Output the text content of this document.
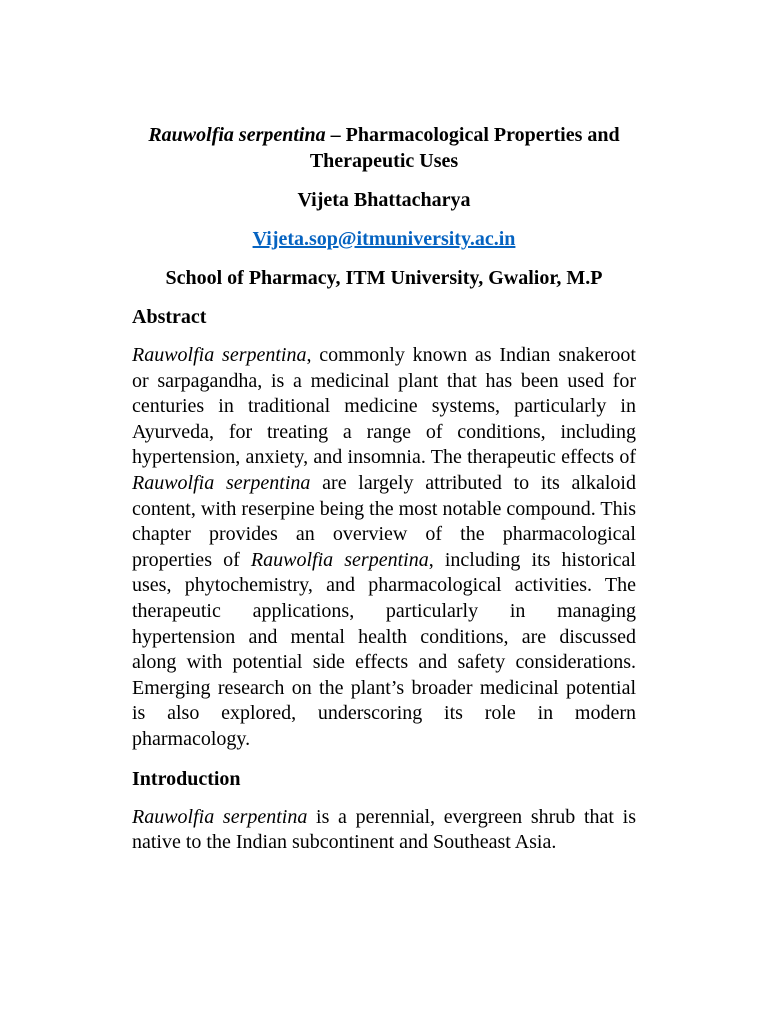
Rauwolfia serpentina – Pharmacological Properties and Therapeutic Uses
Vijeta Bhattacharya
Vijeta.sop@itmuniversity.ac.in
School of Pharmacy, ITM University, Gwalior, M.P
Abstract

Rauwolfia serpentina, commonly known as Indian snakeroot or sarpagandha, is a medicinal plant that has been used for centuries in traditional medicine systems, particularly in Ayurveda, for treating a range of conditions, including hypertension, anxiety, and insomnia. The therapeutic effects of Rauwolfia serpentina are largely attributed to its alkaloid content, with reserpine being the most notable compound. This chapter provides an overview of the pharmacological properties of Rauwolfia serpentina, including its historical uses, phytochemistry, and pharmacological activities. The therapeutic applications, particularly in managing hypertension and mental health conditions, are discussed along with potential side effects and safety considerations. Emerging research on the plant’s broader medicinal potential is also explored, underscoring its role in modern pharmacology.

Introduction

Rauwolfia serpentina is a perennial, evergreen shrub that is native to the Indian subcontinent and Southeast Asia.
